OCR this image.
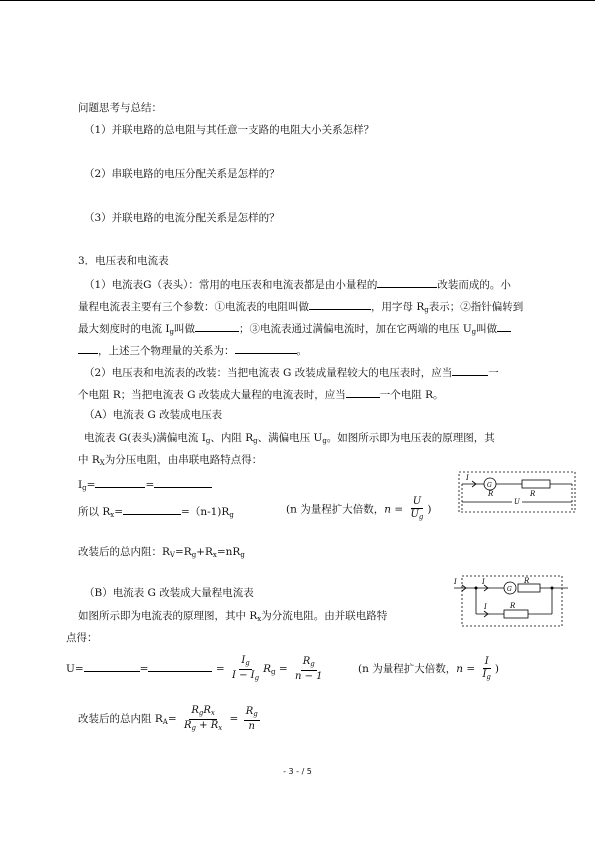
问题思考与总结：
（1）并联电路的总电阻与其任意一支路的电阻大小关系怎样？
（2）串联电路的电压分配关系是怎样的？
（3）并联电路的电流分配关系是怎样的？
3．电压表和电流表
（1）电流表G（表头）：常用的电压表和电流表都是由小量程的	改装而成的。小
量程电流表主要有三个参数：①电流表的电阻叫做	，用字母 $R_g$表示；②指针偏转到
最大刻度时的电流 $I_g$叫做	；③电流表通过满偏电流时，加在它两端的电压 $U_g$叫做
，上述三个物理量的关系为：	。
（2）电压表和电流表的改装：当把电流表 G 改装成量程较大的电压表时，应当	一
个电阻 R；当把电流表 G 改装成大量程的电流表时，应当	一个电阻 R。
（A）电流表 G 改装成电压表
电流表 G(表头)满偏电流 $I_g$、内阻 $R_g$、满偏电压 $U_g$。如图所示即为电压表的原理图，其
中 $R_X$为分压电阻，由串联电路特点得：
$I_g=$	=
所以 $R_x=$	$=(n-1)R_g$	(n 为量程扩大倍数，$n = \frac{U}{U_g}$ )
改装后的总内阻：$R_V=R_g+R_x=nR_g$
I
G
R	R
U
（B）电流表 G 改装成大量程电流表
如图所示即为电流表的原理图，其中 $R_x$为分流电阻。由并联电路特
点得：
U=	=	= $\frac{I_g}{I - I_g} R_g = \frac{R_g}{n - 1}$	(n 为量程扩大倍数，$n = \frac{I}{I_g}$ )
改装后的总内阻 $R_A= \frac{R_gR_x}{R_g + R_x} = \frac{R_g}{n}$
I	I
G
R
I	R
- 3 - / 5
